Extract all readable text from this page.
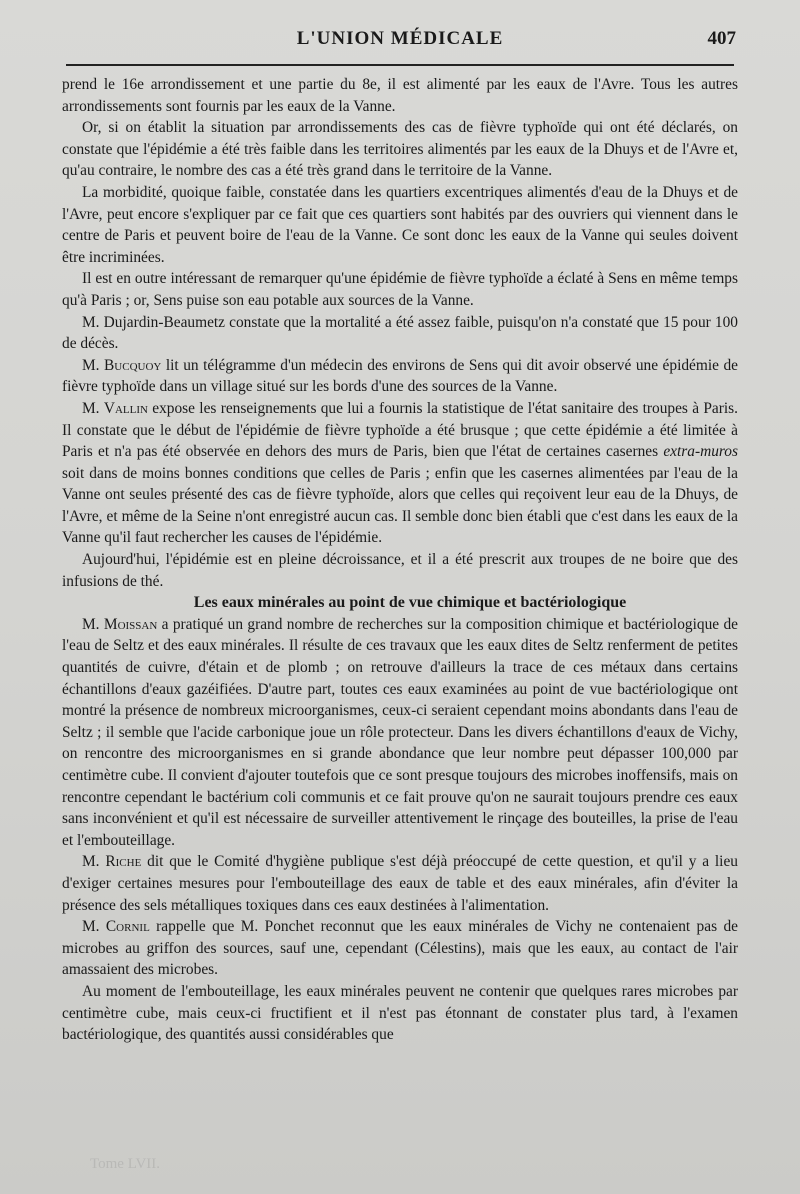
L'UNION MÉDICALE	407

prend le 16e arrondissement et une partie du 8e, il est alimenté par les eaux de l'Avre. Tous les autres arrondissements sont fournis par les eaux de la Vanne.

Or, si on établit la situation par arrondissements des cas de fièvre typhoïde qui ont été déclarés, on constate que l'épidémie a été très faible dans les territoires alimentés par les eaux de la Dhuys et de l'Avre et, qu'au contraire, le nombre des cas a été très grand dans le territoire de la Vanne.

La morbidité, quoique faible, constatée dans les quartiers excentriques alimentés d'eau de la Dhuys et de l'Avre, peut encore s'expliquer par ce fait que ces quartiers sont habités par des ouvriers qui viennent dans le centre de Paris et peuvent boire de l'eau de la Vanne. Ce sont donc les eaux de la Vanne qui seules doivent être incriminées.

Il est en outre intéressant de remarquer qu'une épidémie de fièvre typhoïde a éclaté à Sens en même temps qu'à Paris ; or, Sens puise son eau potable aux sources de la Vanne.

M. Dujardin-Beaumetz constate que la mortalité a été assez faible, puisqu'on n'a constaté que 15 pour 100 de décès.

M. Bucquoy lit un télégramme d'un médecin des environs de Sens qui dit avoir observé une épidémie de fièvre typhoïde dans un village situé sur les bords d'une des sources de la Vanne.

M. Vallin expose les renseignements que lui a fournis la statistique de l'état sanitaire des troupes à Paris. Il constate que le début de l'épidémie de fièvre typhoïde a été brusque ; que cette épidémie a été limitée à Paris et n'a pas été observée en dehors des murs de Paris, bien que l'état de certaines casernes extra-muros soit dans de moins bonnes conditions que celles de Paris ; enfin que les casernes alimentées par l'eau de la Vanne ont seules présenté des cas de fièvre typhoïde, alors que celles qui reçoivent leur eau de la Dhuys, de l'Avre, et même de la Seine n'ont enregistré aucun cas. Il semble donc bien établi que c'est dans les eaux de la Vanne qu'il faut rechercher les causes de l'épidémie.

Aujourd'hui, l'épidémie est en pleine décroissance, et il a été prescrit aux troupes de ne boire que des infusions de thé.

Les eaux minérales au point de vue chimique et bactériologique

M. Moissan a pratiqué un grand nombre de recherches sur la composition chimique et bactériologique de l'eau de Seltz et des eaux minérales. Il résulte de ces travaux que les eaux dites de Seltz renferment de petites quantités de cuivre, d'étain et de plomb ; on retrouve d'ailleurs la trace de ces métaux dans certains échantillons d'eaux gazéifiées. D'autre part, toutes ces eaux examinées au point de vue bactériologique ont montré la présence de nombreux microorganismes, ceux-ci seraient cependant moins abondants dans l'eau de Seltz ; il semble que l'acide carbonique joue un rôle protecteur. Dans les divers échantillons d'eaux de Vichy, on rencontre des microorganismes en si grande abondance que leur nombre peut dépasser 100,000 par centimètre cube. Il convient d'ajouter toutefois que ce sont presque toujours des microbes inoffensifs, mais on rencontre cependant le bactérium coli communis et ce fait prouve qu'on ne saurait toujours prendre ces eaux sans inconvénient et qu'il est nécessaire de surveiller attentivement le rinçage des bouteilles, la prise de l'eau et l'embouteillage.

M. Riche dit que le Comité d'hygiène publique s'est déjà préoccupé de cette question, et qu'il y a lieu d'exiger certaines mesures pour l'embouteillage des eaux de table et des eaux minérales, afin d'éviter la présence des sels métalliques toxiques dans ces eaux destinées à l'alimentation.

M. Cornil rappelle que M. Ponchet reconnut que les eaux minérales de Vichy ne contenaient pas de microbes au griffon des sources, sauf une, cependant (Célestins), mais que les eaux, au contact de l'air amassaient des microbes.

Au moment de l'embouteillage, les eaux minérales peuvent ne contenir que quelques rares microbes par centimètre cube, mais ceux-ci fructifient et il n'est pas étonnant de constater plus tard, à l'examen bactériologique, des quantités aussi considérables que

Tome LVII.
